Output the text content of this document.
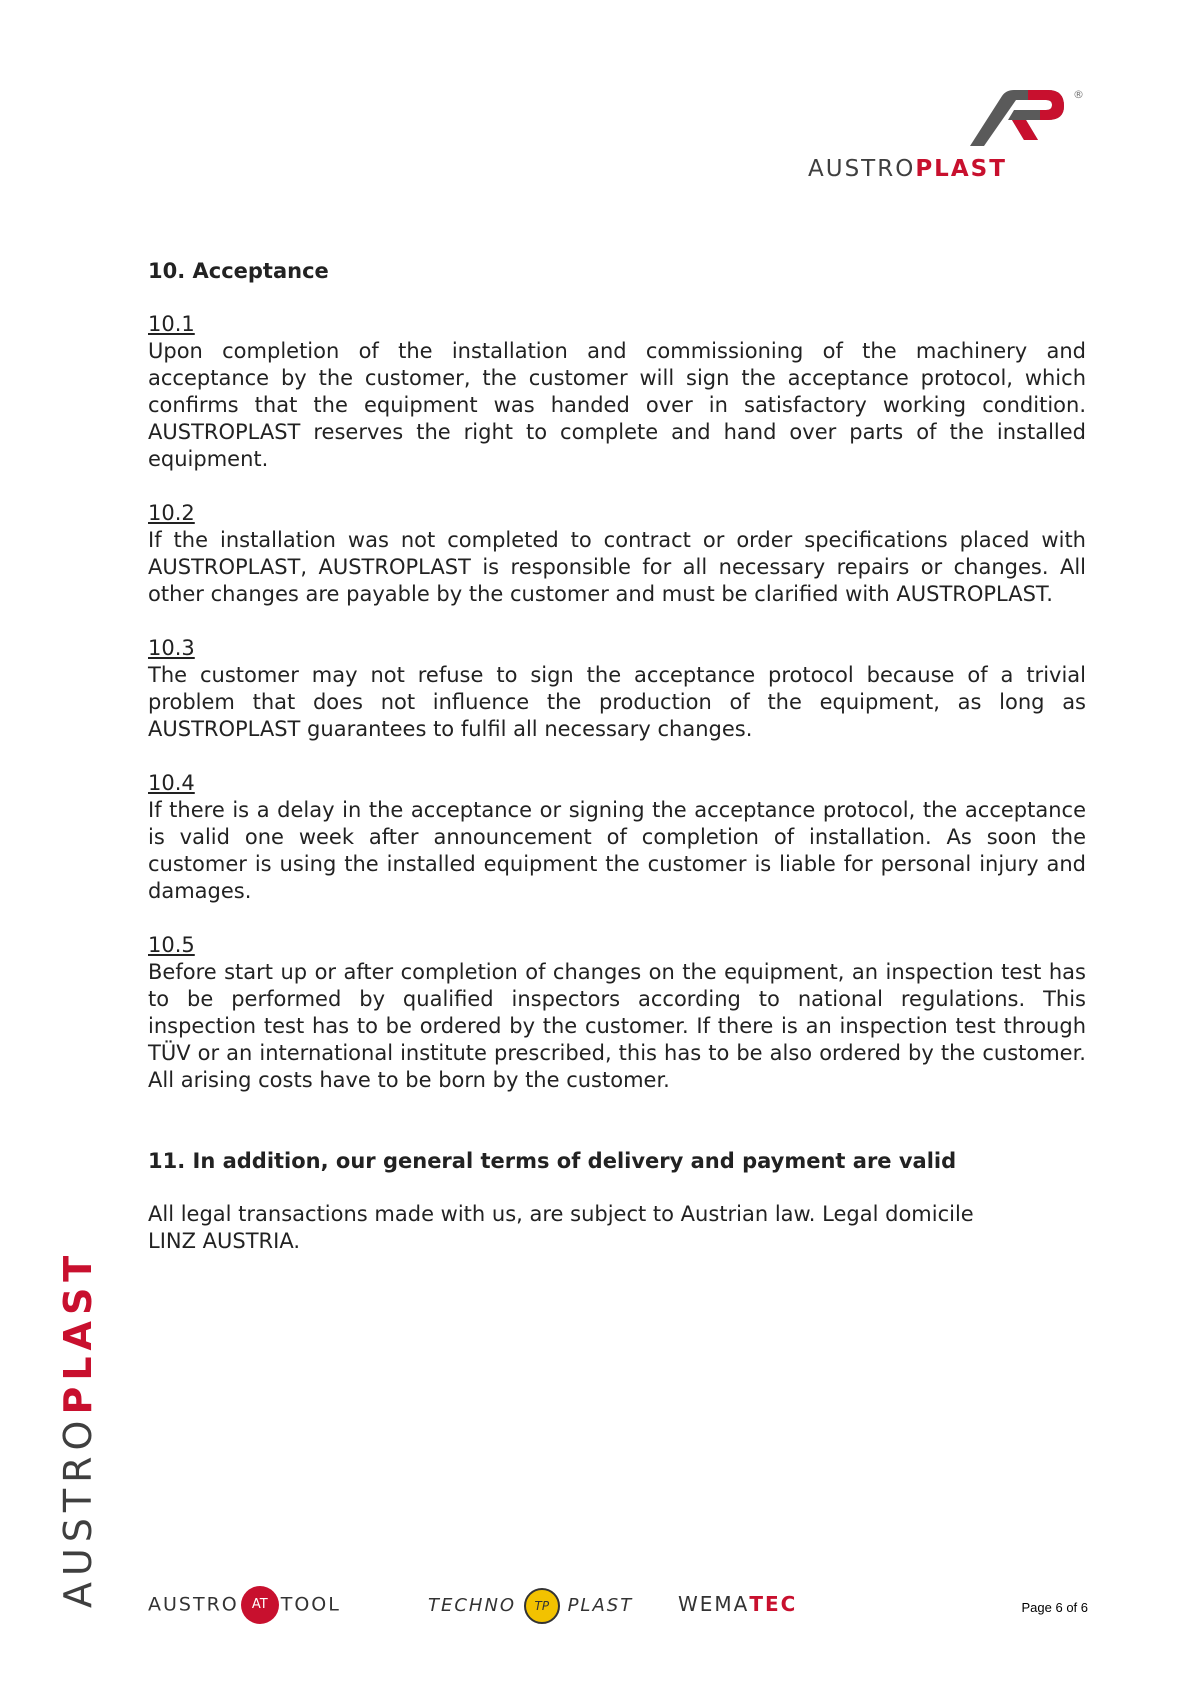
®
AUSTROPLAST
10. Acceptance
10.1
Upon completion of the installation and commissioning of the machinery and acceptance by the customer, the customer will sign the acceptance protocol, which confirms that the equipment was handed over in satisfactory working condition. AUSTROPLAST reserves the right to complete and hand over parts of the installed equipment.
10.2
If the installation was not completed to contract or order specifications placed with AUSTROPLAST, AUSTROPLAST is responsible for all necessary repairs or changes. All other changes are payable by the customer and must be clarified with AUSTROPLAST.
10.3
The customer may not refuse to sign the acceptance protocol because of a trivial problem that does not influence the production of the equipment, as long as AUSTROPLAST guarantees to fulfil all necessary changes.
10.4
If there is a delay in the acceptance or signing the acceptance protocol, the acceptance is valid one week after announcement of completion of installation. As soon the customer is using the installed equipment the customer is liable for personal injury and damages.
10.5
Before start up or after completion of changes on the equipment, an inspection test has to be performed by qualified inspectors according to national regulations. This inspection test has to be ordered by the customer. If there is an inspection test through TÜV or an international institute prescribed, this has to be also ordered by the customer. All arising costs have to be born by the customer.
11. In addition, our general terms of delivery and payment are valid
All legal transactions made with us, are subject to Austrian law. Legal domicile
LINZ AUSTRIA.
AUSTROPLAST
AUSTRO AT TOOL	TECHNO TP PLAST WEMATEC	Page 6 of 6
